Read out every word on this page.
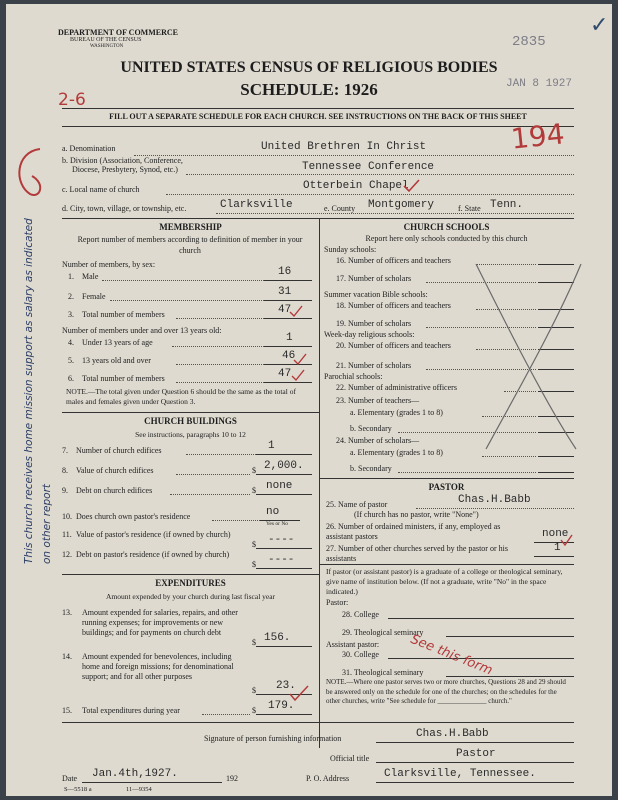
DEPARTMENT OF COMMERCE
BUREAU OF THE CENSUS
WASHINGTON	2835
✓
UNITED STATES CENSUS OF RELIGIOUS BODIES
SCHEDULE: 1926	JAN 8 1927
2-6
FILL OUT A SEPARATE SCHEDULE FOR EACH CHURCH. SEE INSTRUCTIONS ON THE BACK OF THIS SHEET
194
a. Denomination	United Brethren In Christ
b. Division (Association, Conference,
Diocese, Presbytery, Synod, etc.)	Tennessee Conference
c. Local name of church	Otterbein Chapel
d. City, town, village, or township, etc.	Clarksville	e. County Montgomery	f. State Tenn.
This church receives home mission support as salary as indicated on other report
MEMBERSHIP
Report number of members according to definition of member in your church
Number of members, by sex:
1. Male	16
2. Female	31
3. Total number of members	47
Number of members under and over 13 years old:
4. Under 13 years of age	1
5. 13 years old and over	46
6. Total number of members	47
NOTE.—The total given under Question 6 should be the same as the total of males and females given under Question 3.
CHURCH BUILDINGS
See instructions, paragraphs 10 to 12
7. Number of church edifices	1
8. Value of church edifices	$ 2,000.
9. Debt on church edifices	$ none
10. Does church own pastor's residence	no
Yes or No
11. Value of pastor's residence (if owned by church)
$ ----
12. Debt on pastor's residence (if owned by church)
$ ----
EXPENDITURES
Amount expended by your church during last fiscal year
13. Amount expended for salaries, repairs, and other running expenses; for improvements or new buildings; and for payments on church debt
$ 156.
14. Amount expended for benevolences, including home and foreign missions; for denominational support; and for all other purposes
$ 23.
15. Total expenditures during year	$ 179.
CHURCH SCHOOLS
Report here only schools conducted by this church
Sunday schools:
16. Number of officers and teachers
17. Number of scholars
Summer vacation Bible schools:
18. Number of officers and teachers
19. Number of scholars
Week-day religious schools:
20. Number of officers and teachers
21. Number of scholars
Parochial schools:
22. Number of administrative officers
23. Number of teachers—
a. Elementary (grades 1 to 8)
b. Secondary
24. Number of scholars—
a. Elementary (grades 1 to 8)
b. Secondary
PASTOR
25. Name of pastor	Chas.H.Babb
(If church has no pastor, write "None")
26. Number of ordained ministers, if any, employed as assistant pastors	none
27. Number of other churches served by the pastor or his assistants
1
If pastor (or assistant pastor) is a graduate of a college or theological seminary, give name of institution below. (If not a graduate, write "No" in the space indicated.)
Pastor:
28. College
29. Theological seminary
Assistant pastor:
30. College
31. Theological seminary
See this form
NOTE.—Where one pastor serves two or more churches, Questions 28 and 29 should be answered only on the schedule for one of the churches; on the schedules for the other churches, write "See schedule for ______________ church."
Signature of person furnishing information	Chas.H.Babb
Official title	Pastor
Date Jan.4th,1927.	192	P. O. Address	Clarksville, Tennessee.
S—5518 a	11—9354
